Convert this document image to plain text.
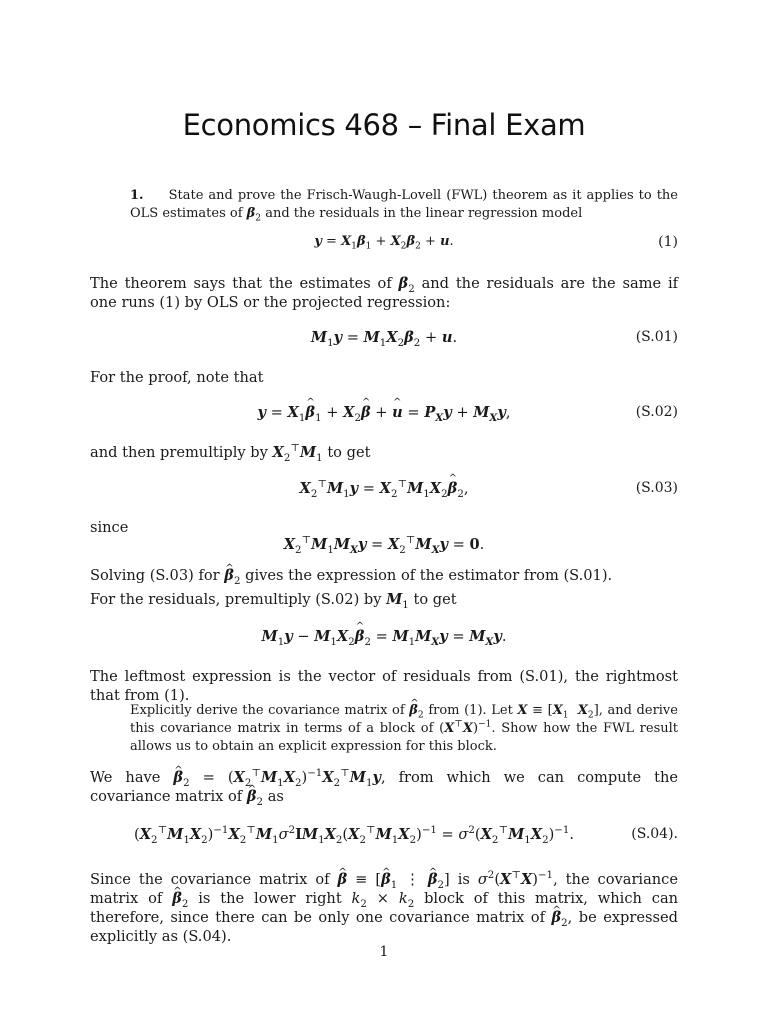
Economics 468 – Final Exam
1. State and prove the Frisch-Waugh-Lovell (FWL) theorem as it applies to the OLS estimates of $\beta_2$ and the residuals in the linear regression model
$y = X_1\beta_1 + X_2\beta_2 + u$.	(1)
The theorem says that the estimates of $\beta_2$ and the residuals are the same if one runs (1) by OLS or the projected regression:
$M_1y = M_1X_2\beta_2 + u$.	(S.01)
For the proof, note that
$y = X_1\^{}$ $\beta_1$ + $X_2\^{}$ β + ^ $u = P_Xy + M_Xy$,	(S.02)
and then premultiply by $X_2^⊤M_1$ to get
$X_2^⊤M_1y$ = $X_2^⊤M_1X_2\^{}$ $\beta_2$,	(S.03)
since
$X_2^⊤M_1M_Xy = X_2^⊤M_Xy = 0$.
Solving (S.03) for ^ $\beta_2$ gives the expression of the estimator from (S.01).
For the residuals, premultiply (S.02) by $M_1$ to get
$M_1y$ − $M_1X_2\^{}$ $\beta_2 = M_1M_Xy = M_Xy$.
The leftmost expression is the vector of residuals from (S.01), the rightmost that from (1).
Explicitly derive the covariance matrix of ^ $\beta_2$ from (1). Let $X \equiv [X_1$ $X_2$], and derive this covariance matrix in terms of a block of $(X^⊤X)^{-1}$. Show how the FWL result allows us to obtain an explicit expression for this block.
We have ^ $\beta_2 = (X_2^⊤M_1X_2)^{-1}X_2^⊤M_1y$, from which we can compute the covariance matrix of ^ $\beta_2$ as
$(X_2^⊤M_1X_2)^{-1}X_2^⊤M_1\sigma^2IM_1X_2(X_2^⊤M_1X_2)^{-1} = \sigma^2(X_2^⊤M_1X_2)^{-1}$.	(S.04).
Since the covariance matrix of ^ β ≡ [^ $\beta_1$ ⋮ ^ $\beta_2$] is $\sigma^2(X^⊤X)^{-1}$, the covariance matrix of ^ $\beta_2$ is the lower right $k_2 \times k_2$ block of this matrix, which can therefore, since there can be only one covariance matrix of ^ $\beta_2$, be expressed explicitly as (S.04).
1
